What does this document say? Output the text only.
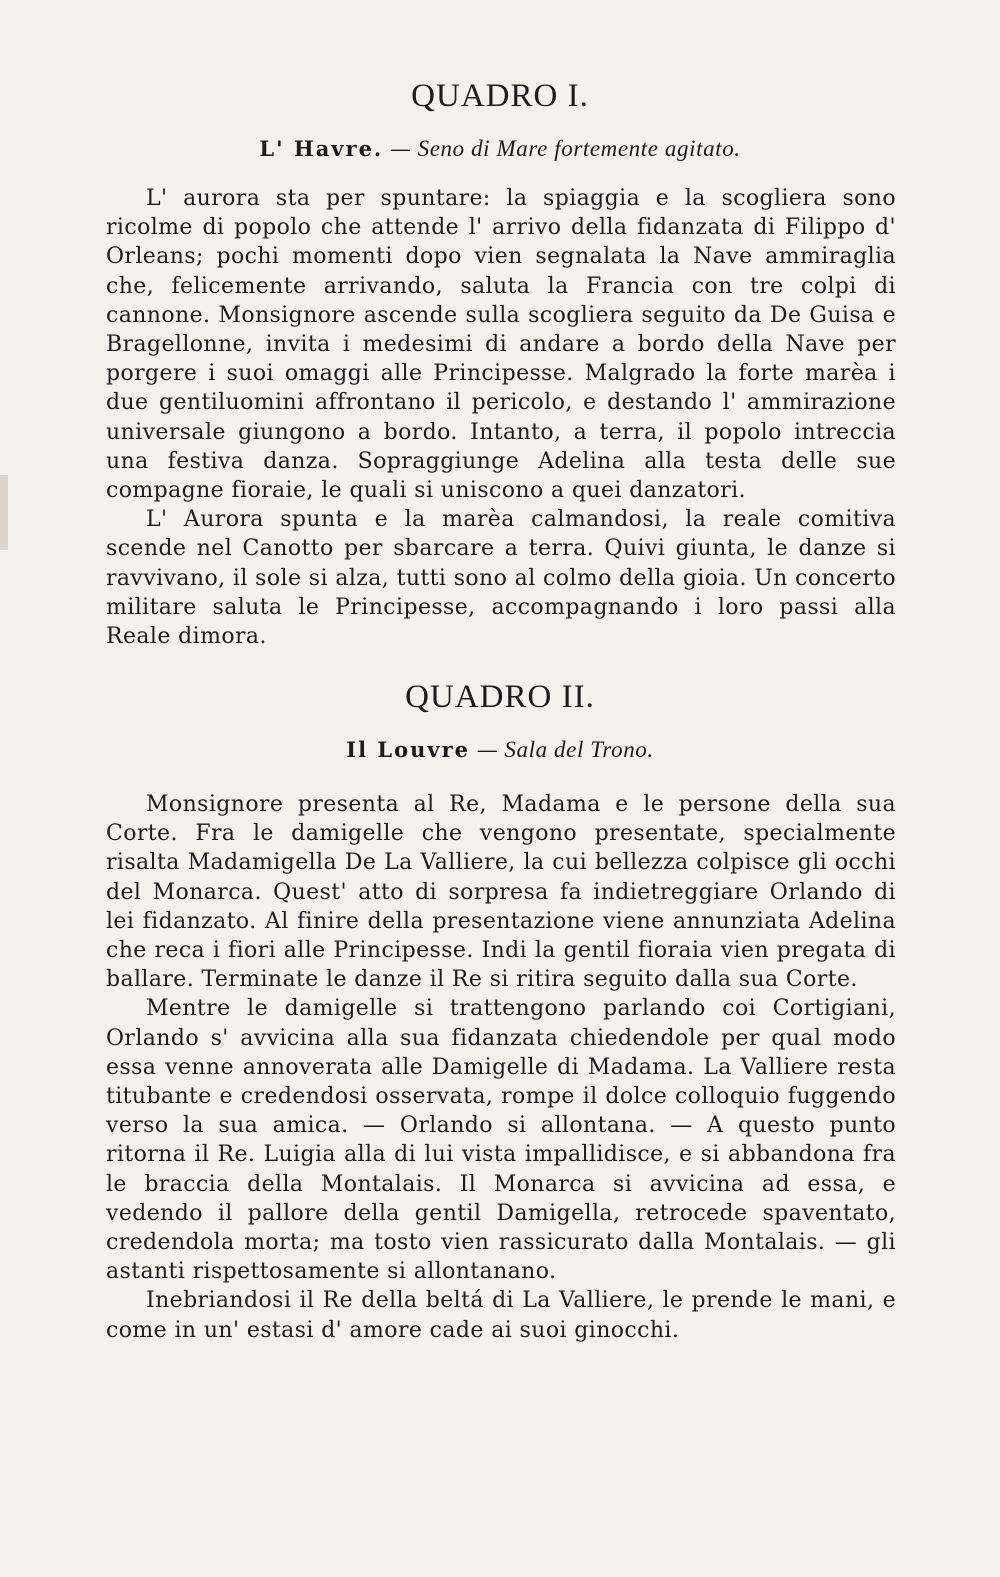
QUADRO I.

L' Havre. — Seno di Mare fortemente agitato.

L' aurora sta per spuntare: la spiaggia e la scogliera sono ricolme di popolo che attende l' arrivo della fidanzata di Filippo d' Orleans; pochi momenti dopo vien segnalata la Nave ammiraglia che, felicemente arrivando, saluta la Francia con tre colpi di cannone. Monsignore ascende sulla scogliera seguito da De Guisa e Bragellonne, invita i medesimi di andare a bordo della Nave per porgere i suoi omaggi alle Principesse. Malgrado la forte marèa i due gentiluomini affrontano il pericolo, e destando l' ammirazione universale giungono a bordo. Intanto, a terra, il popolo intreccia una festiva danza. Sopraggiunge Adelina alla testa delle sue compagne fioraie, le quali si uniscono a quei danzatori.

L' Aurora spunta e la marèa calmandosi, la reale comitiva scende nel Canotto per sbarcare a terra. Quivi giunta, le danze si ravvivano, il sole si alza, tutti sono al colmo della gioia. Un concerto militare saluta le Principesse, accompagnando i loro passi alla Reale dimora.

QUADRO II.

Il Louvre — Sala del Trono.

Monsignore presenta al Re, Madama e le persone della sua Corte. Fra le damigelle che vengono presentate, specialmente risalta Madamigella De La Valliere, la cui bellezza colpisce gli occhi del Monarca. Quest' atto di sorpresa fa indietreggiare Orlando di lei fidanzato. Al finire della presentazione viene annunziata Adelina che reca i fiori alle Principesse. Indi la gentil fioraia vien pregata di ballare. Terminate le danze il Re si ritira seguito dalla sua Corte.

Mentre le damigelle si trattengono parlando coi Cortigiani, Orlando s' avvicina alla sua fidanzata chiedendole per qual modo essa venne annoverata alle Damigelle di Madama. La Valliere resta titubante e credendosi osservata, rompe il dolce colloquio fuggendo verso la sua amica. — Orlando si allontana. — A questo punto ritorna il Re. Luigia alla di lui vista impallidisce, e si abbandona fra le braccia della Montalais. Il Monarca si avvicina ad essa, e vedendo il pallore della gentil Damigella, retrocede spaventato, credendola morta; ma tosto vien rassicurato dalla Montalais. — gli astanti rispettosamente si allontanano.

Inebriandosi il Re della beltá di La Valliere, le prende le mani, e come in un' estasi d' amore cade ai suoi ginocchi.
